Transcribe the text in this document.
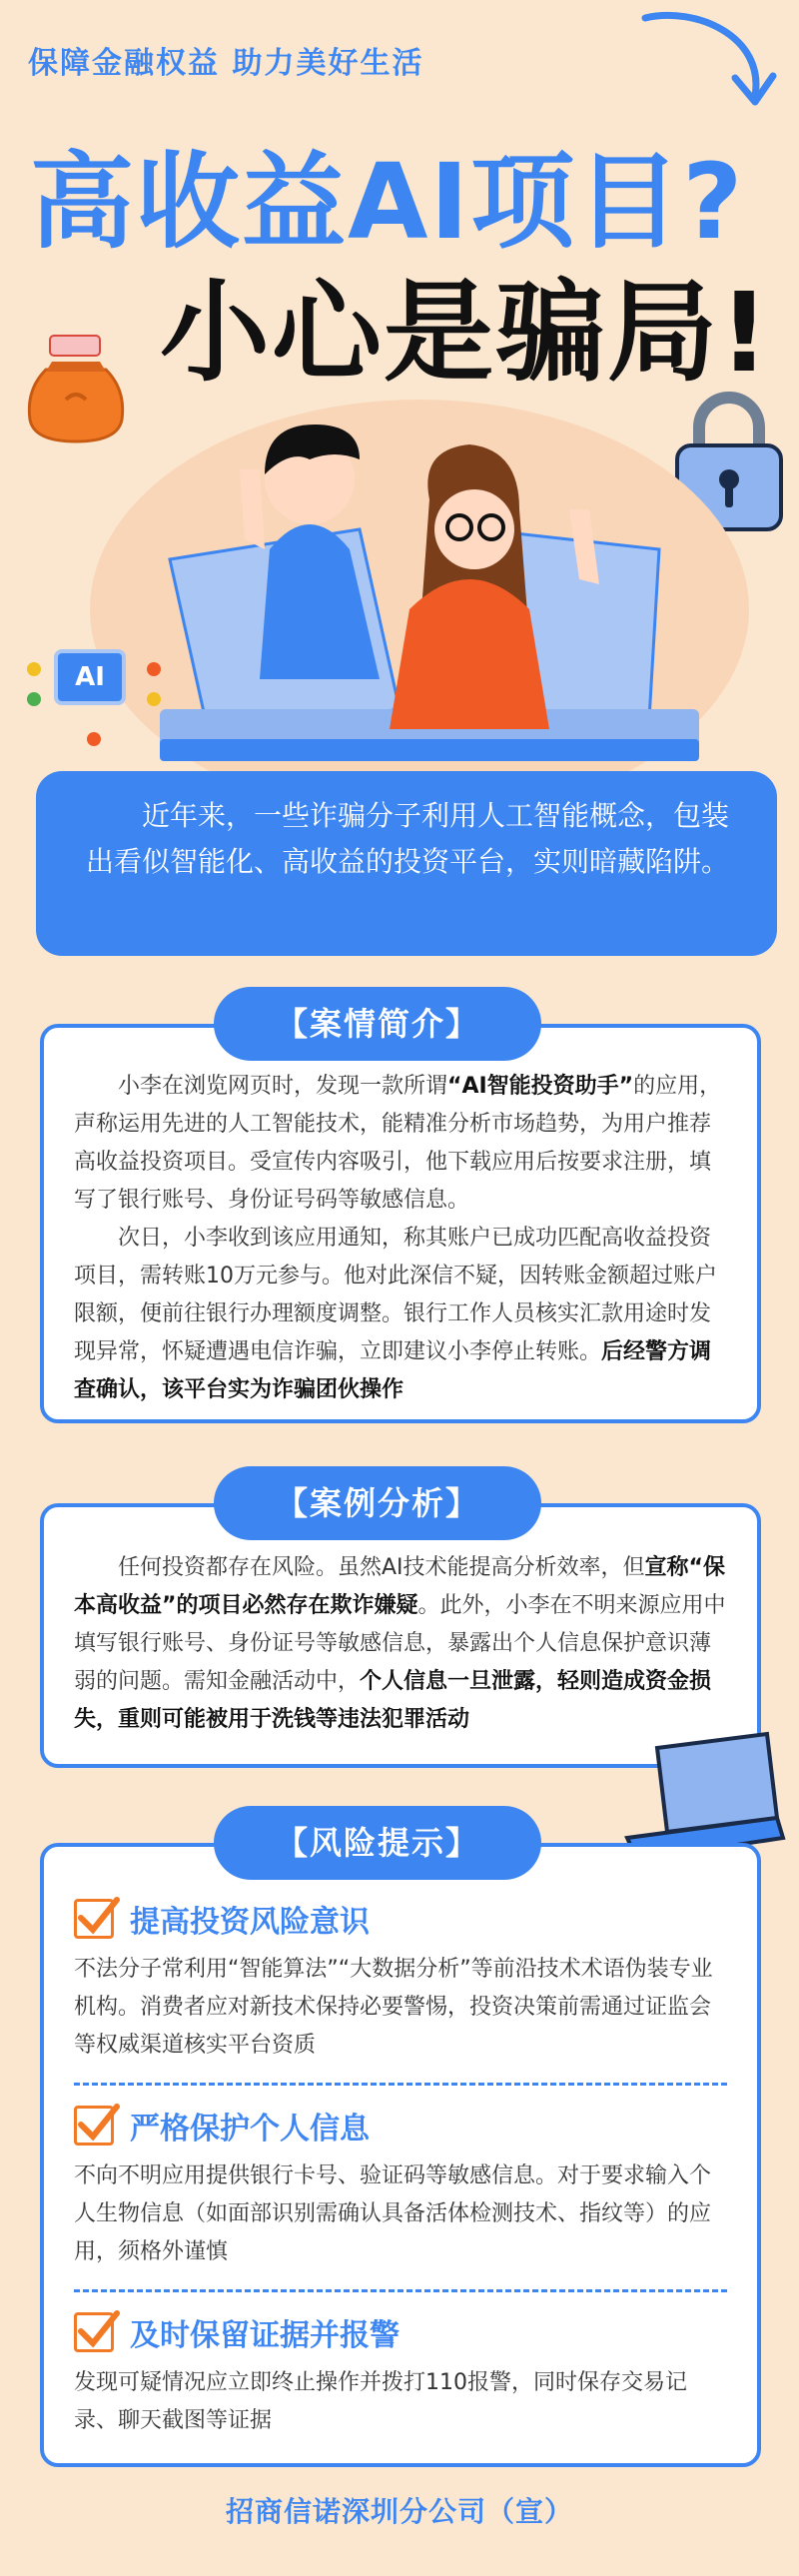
保障金融权益 助力美好生活
高收益AI项目?
小心是骗局!
AI

近年来，一些诈骗分子利用人工智能概念，包装出看似智能化、高收益的投资平台，实则暗藏陷阱。

小李在浏览网页时，发现一款所谓“AI智能投资助手”的应用，声称运用先进的人工智能技术，能精准分析市场趋势，为用户推荐高收益投资项目。受宣传内容吸引，他下载应用后按要求注册，填写了银行账号、身份证号码等敏感信息。

次日，小李收到该应用通知，称其账户已成功匹配高收益投资项目，需转账10万元参与。他对此深信不疑，因转账金额超过账户限额，便前往银行办理额度调整。银行工作人员核实汇款用途时发现异常，怀疑遭遇电信诈骗，立即建议小李停止转账。后经警方调查确认，该平台实为诈骗团伙操作

【案情简介】

任何投资都存在风险。虽然AI技术能提高分析效率，但宣称“保本高收益”的项目必然存在欺诈嫌疑。此外，小李在不明来源应用中填写银行账号、身份证号等敏感信息，暴露出个人信息保护意识薄弱的问题。需知金融活动中，个人信息一旦泄露，轻则造成资金损失，重则可能被用于洗钱等违法犯罪活动

【案例分析】
提高投资风险意识

不法分子常利用“智能算法”“大数据分析”等前沿技术术语伪装专业机构。消费者应对新技术保持必要警惕，投资决策前需通过证监会等权威渠道核实平台资质

严格保护个人信息

不向不明应用提供银行卡号、验证码等敏感信息。对于要求输入个人生物信息（如面部识别需确认具备活体检测技术、指纹等）的应用，须格外谨慎

及时保留证据并报警

发现可疑情况应立即终止操作并拨打110报警，同时保存交易记录、聊天截图等证据

【风险提示】
招商信诺深圳分公司（宣）
